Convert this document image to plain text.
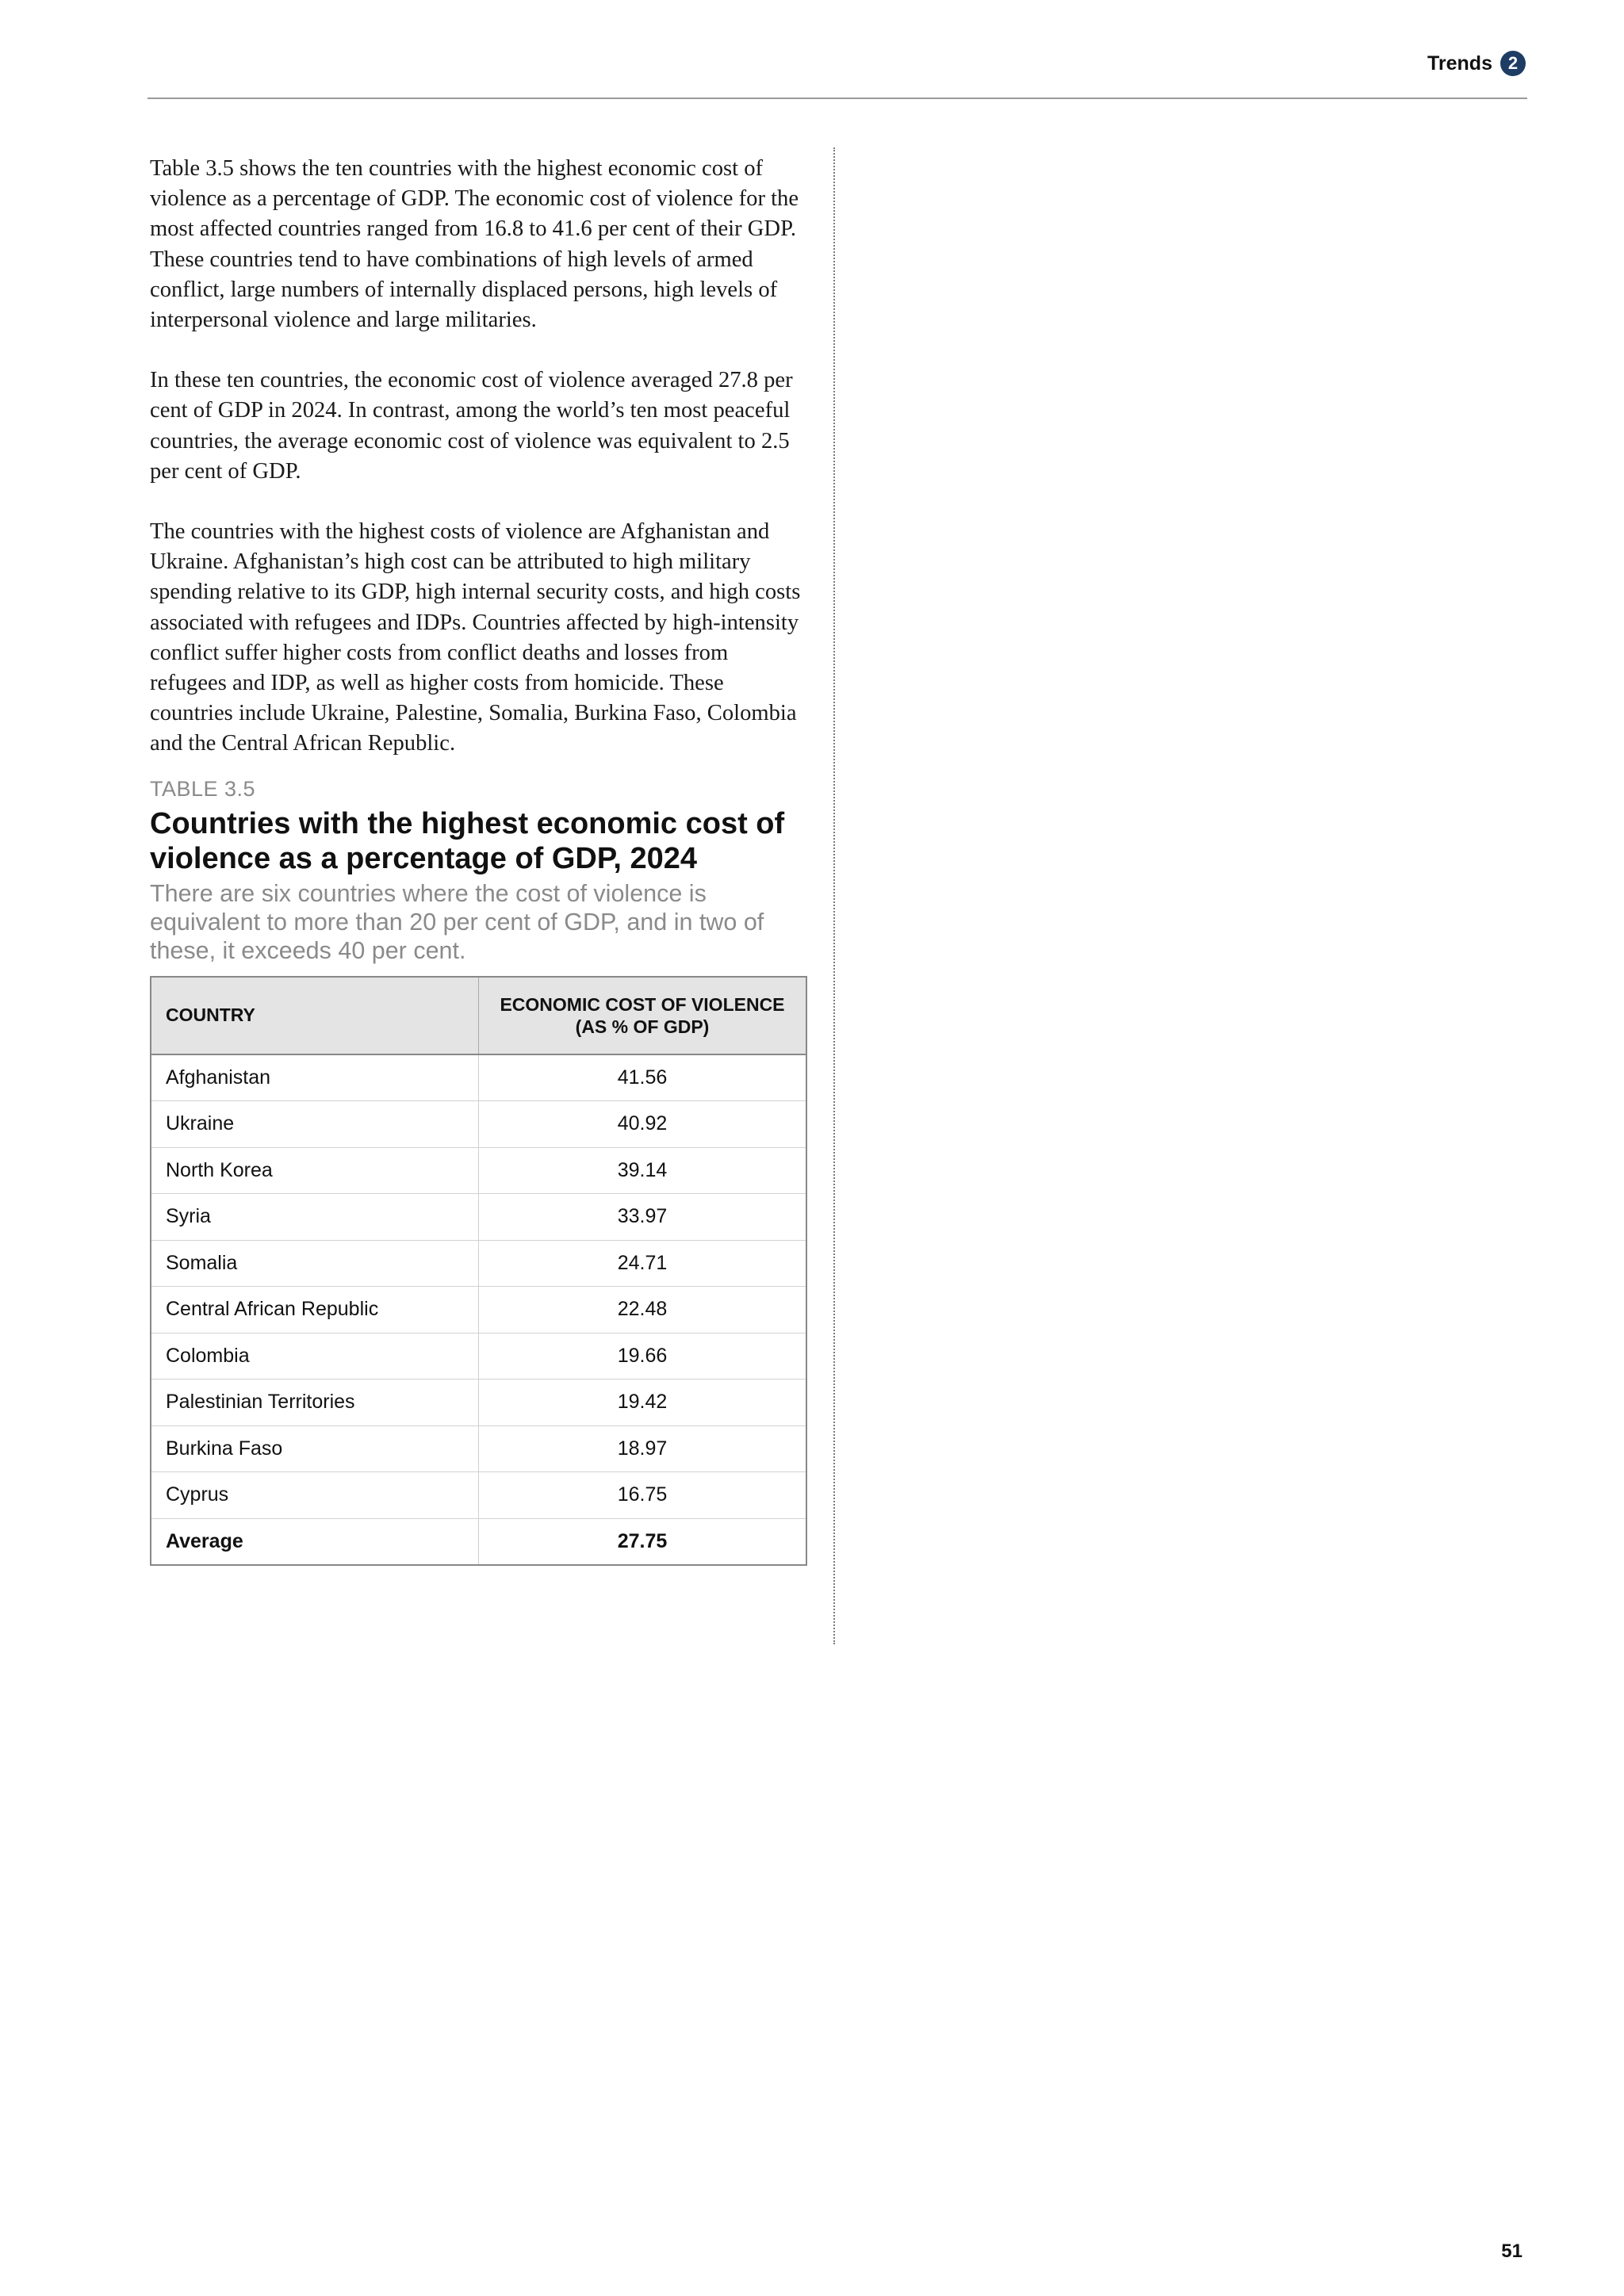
Trends 2

Table 3.5 shows the ten countries with the highest economic cost of violence as a percentage of GDP. The economic cost of violence for the most affected countries ranged from 16.8 to 41.6 per cent of their GDP. These countries tend to have combinations of high levels of armed conflict, large numbers of internally displaced persons, high levels of interpersonal violence and large militaries.

In these ten countries, the economic cost of violence averaged 27.8 per cent of GDP in 2024. In contrast, among the world’s ten most peaceful countries, the average economic cost of violence was equivalent to 2.5 per cent of GDP.

The countries with the highest costs of violence are Afghanistan and Ukraine. Afghanistan’s high cost can be attributed to high military spending relative to its GDP, high internal security costs, and high costs associated with refugees and IDPs. Countries affected by high-intensity conflict suffer higher costs from conflict deaths and losses from refugees and IDP, as well as higher costs from homicide. These countries include Ukraine, Palestine, Somalia, Burkina Faso, Colombia and the Central African Republic.

TABLE 3.5
Countries with the highest economic cost of violence as a percentage of GDP, 2024
There are six countries where the cost of violence is equivalent to more than 20 per cent of GDP, and in two of these, it exceeds 40 per cent.
COUNTRY	ECONOMIC COST OF VIOLENCE
(AS % OF GDP)
Afghanistan	41.56
Ukraine	40.92
North Korea	39.14
Syria	33.97
Somalia	24.71
Central African Republic	22.48
Colombia	19.66
Palestinian Territories	19.42
Burkina Faso	18.97
Cyprus	16.75
Average	27.75
51
